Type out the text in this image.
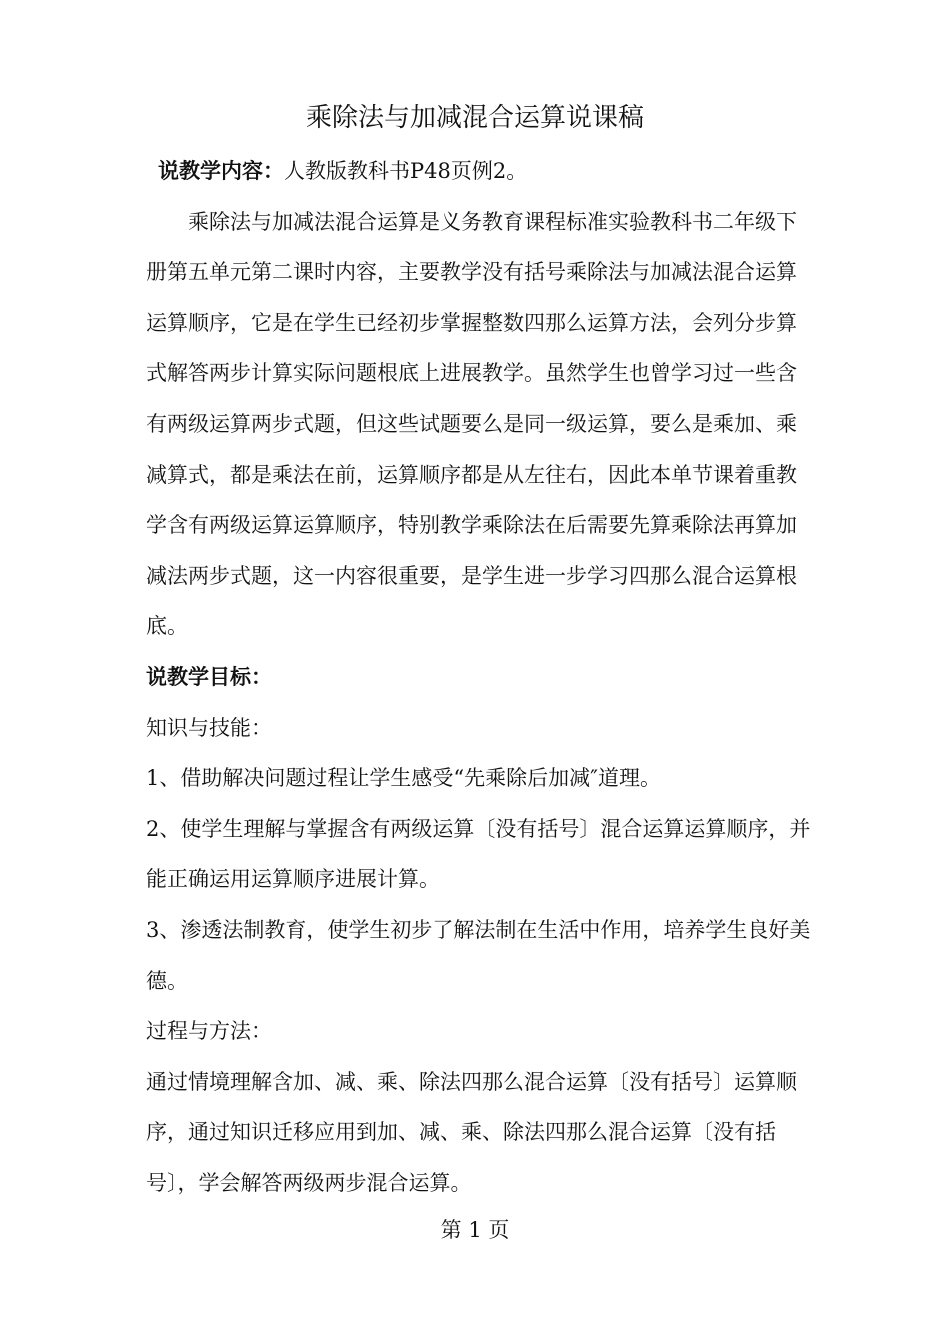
乘除法与加减混合运算说课稿

说教学内容：人教版教科书P48页例2。

乘除法与加减法混合运算是义务教育课程标准实验教科书二年级下册第五单元第二课时内容，主要教学没有括号乘除法与加减法混合运算运算顺序，它是在学生已经初步掌握整数四那么运算方法，会列分步算式解答两步计算实际问题根底上进展教学。虽然学生也曾学习过一些含有两级运算两步式题，但这些试题要么是同一级运算，要么是乘加、乘减算式，都是乘法在前，运算顺序都是从左往右，因此本单节课着重教学含有两级运算运算顺序，特别教学乘除法在后需要先算乘除法再算加减法两步式题，这一内容很重要，是学生进一步学习四那么混合运算根底。

说教学目标：

知识与技能：

1、借助解决问题过程让学生感受“先乘除后加减″道理。

2、使学生理解与掌握含有两级运算〔没有括号〕混合运算运算顺序，并能正确运用运算顺序进展计算。

3、渗透法制教育，使学生初步了解法制在生活中作用，培养学生良好美德。

过程与方法：

通过情境理解含加、减、乘、除法四那么混合运算〔没有括号〕运算顺序，通过知识迁移应用到加、减、乘、除法四那么混合运算〔没有括号〕，学会解答两级两步混合运算。

第 1 页
